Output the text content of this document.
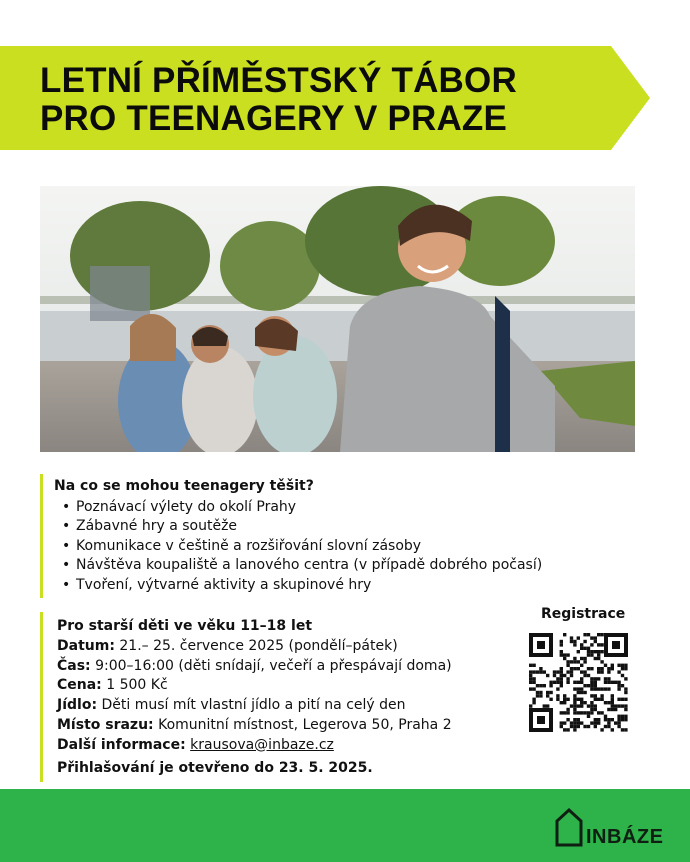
LETNÍ PŘÍMĚSTSKÝ TÁBOR
PRO TEENAGERY V PRAZE
Na co se mohou teenagery těšit?
• Poznávací výlety do okolí Prahy
• Zábavné hry a soutěže
• Komunikace v češtině a rozšiřování slovní zásoby
• Návštěva koupaliště a lanového centra (v případě dobrého počasí)
• Tvoření, výtvarné aktivity a skupinové hry
Pro starší děti ve věku 11–18 let
Datum: 21.– 25. července 2025 (pondělí–pátek)
Čas: 9:00–16:00 (děti snídají, večeří a přespávají doma)
Cena: 1 500 Kč
Jídlo: Děti musí mít vlastní jídlo a pití na celý den
Místo srazu: Komunitní místnost, Legerova 50, Praha 2
Další informace: krausova@inbaze.cz
Přihlašování je otevřeno do 23. 5. 2025.
Registrace
INBÁZE
